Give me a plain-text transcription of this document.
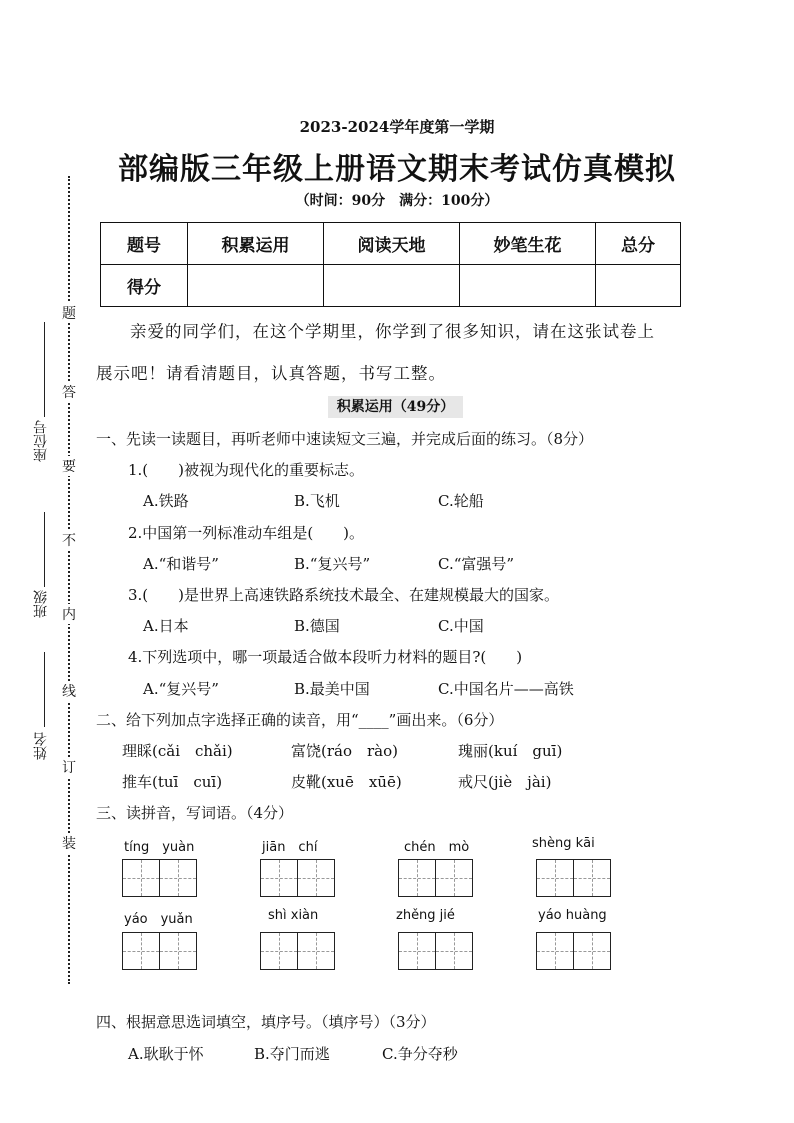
题
答
要
不
内
线
订
装
座位号
班级
姓名
2023-2024学年度第一学期
部编版三年级上册语文期末考试仿真模拟
（时间：90分　满分：100分）
题号	积累运用	阅读天地	妙笔生花	总分
得分				
亲爱的同学们，在这个学期里，你学到了很多知识，请在这张试卷上
展示吧！请看清题目，认真答题，书写工整。
积累运用（49分）
一、先读一读题目，再听老师中速读短文三遍，并完成后面的练习。（8分）
1.(　　)被视为现代化的重要标志。
A.铁路	B.飞机	C.轮船
2.中国第一列标准动车组是(　　)。
A.“和谐号”	B.“复兴号”	C.“富强号”
3.(　　)是世界上高速铁路系统技术最全、在建规模最大的国家。
A.日本	B.德国	C.中国
4.下列选项中，哪一项最适合做本段听力材料的题目?(　　)
A.“复兴号”	B.最美中国	C.中国名片——高铁
二、给下列加点字选择正确的读音，用“____”画出来。（6分）
理睬(cǎi　chǎi)	富饶(ráo　rào)	瑰丽(kuí　guī)
推车(tuī　cuī)	皮靴(xuē　xūē)	戒尺(jiè　jài)
三、读拼音，写词语。（4分）
tíng　yuàn	jiān　chí	chén　mò	shèng kāi
yáo　yuǎn	shì xiàn	zhěng jié	yáo huàng
四、根据意思选词填空，填序号。（填序号）（3分）
A.耿耿于怀	B.夺门而逃	C.争分夺秒
